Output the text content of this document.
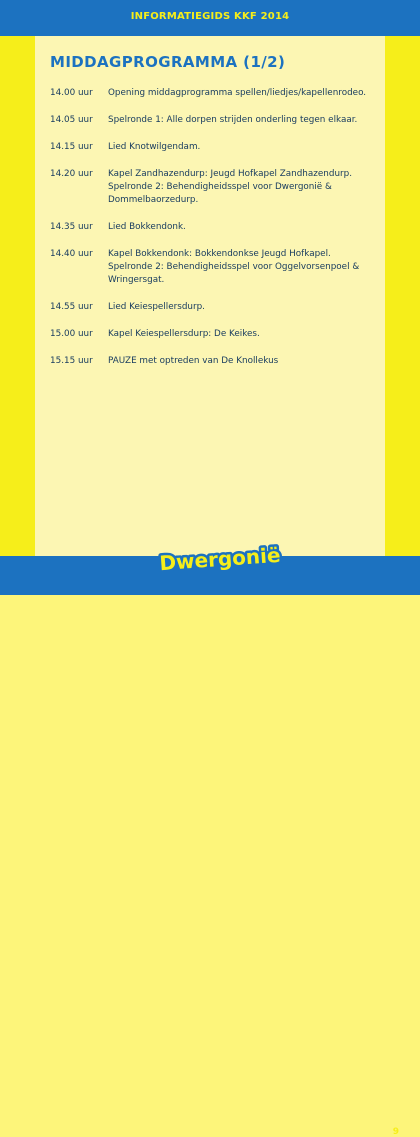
INFORMATIEGIDS KKF 2014
MIDDAGPROGRAMMA (1/2)
14.00 uur	Opening middagprogramma spellen/liedjes/kapellenrodeo.
14.05 uur	Spelronde 1: Alle dorpen strijden onderling tegen elkaar.
14.15 uur	Lied Knotwilgendam.
14.20 uur	Kapel Zandhazendurp: Jeugd Hofkapel Zandhazendurp.
Spelronde 2: Behendigheidsspel voor Dwergonië &
Dommelbaorzedurp.
14.35 uur	Lied Bokkendonk.
14.40 uur	Kapel Bokkendonk: Bokkendonkse Jeugd Hofkapel.
Spelronde 2: Behendigheidsspel voor Oggelvorsenpoel &
Wringersgat.
14.55 uur	Lied Keiespellersdurp.
15.00 uur	Kapel Keiespellersdurp: De Keikes.
15.15 uur	PAUZE met optreden van De Knollekus
9
Dwergonië
